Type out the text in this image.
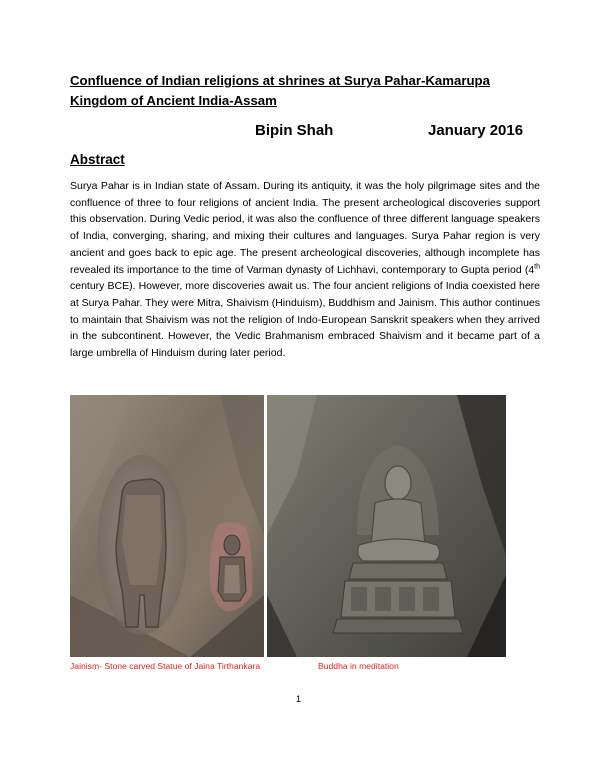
Confluence of Indian religions at shrines at Surya Pahar-Kamarupa Kingdom of Ancient India-Assam
Bipin Shah	January 2016
Abstract
Surya Pahar is in Indian state of Assam. During its antiquity, it was the holy pilgrimage sites and the confluence of three to four religions of ancient India. The present archeological discoveries support this observation. During Vedic period, it was also the confluence of three different language speakers of India, converging, sharing, and mixing their cultures and languages. Surya Pahar region is very ancient and goes back to epic age. The present archeological discoveries, although incomplete has revealed its importance to the time of Varman dynasty of Lichhavi, contemporary to Gupta period (4th century BCE). However, more discoveries await us. The four ancient religions of India coexisted here at Surya Pahar. They were Mitra, Shaivism (Hinduism), Buddhism and Jainism. This author continues to maintain that Shaivism was not the religion of Indo-European Sanskrit speakers when they arrived in the subcontinent. However, the Vedic Brahmanism embraced Shaivism and it became part of a large umbrella of Hinduism during later period.
Jainism- Stone carved Statue of Jaina Tirthankara	Buddha in meditation
1
